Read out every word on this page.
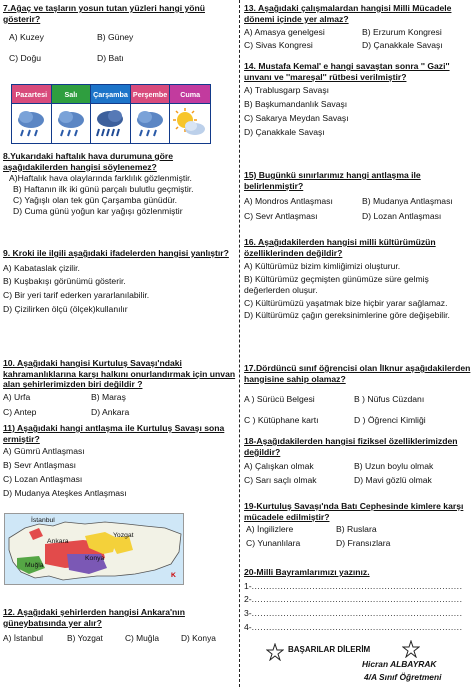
7.Ağaç ve taşların yosun tutan yüzleri hangi yönü gösterir?
A) Kuzey	B) Güney
C) Doğu	D) Batı
Pazartesi	Salı	Çarşamba Perşembe	Cuma
8.Yukarıdaki haftalık hava durumuna göre aşağıdakilerden hangisi söylenemez?
A)Haftalık hava olaylarında farklılık gözlenmiştir.
B) Haftanın ilk iki günü parçalı bulutlu geçmiştir.
C) Yağışlı olan tek gün Çarşamba günüdür.
D) Cuma günü yoğun kar yağışı gözlenmiştir
9. Kroki ile ilgili aşağıdaki ifadelerden hangisi yanlıştır?
A) Kabataslak çizilir.
B) Kuşbakışı görünümü gösterir.
C) Bir yeri tarif ederken yararlanılabilir.
D) Çizilirken ölçü (ölçek)kullanılır
10. Aşağıdaki hangisi Kurtuluş Savaşı'ndaki kahramanlıklarına karşı halkını onurlandırmak için unvan alan şehirlerimizden biri değildir ?
A) Urfa	B) Maraş
C) Antep	D) Ankara
11) Aşağıdaki hangi antlaşma ile Kurtuluş Savaşı sona ermiştir?
A) Gümrü Antlaşması
B) Sevr Antlaşması
C) Lozan Antlaşması
D) Mudanya Ateşkes Antlaşması
İstanbul
Ankara
Yozgat
Muğla
Konya
K
12. Aşağıdaki şehirlerden hangisi Ankara'nın güneybatısında yer alır?
A) İstanbul	B) Yozgat	C) Muğla	D) Konya
13. Aşağıdaki çalışmalardan hangisi Milli Mücadele dönemi içinde yer almaz?
A) Amasya genelgesi	B) Erzurum Kongresi
C) Sivas Kongresi	D) Çanakkale Savaşı
14. Mustafa Kemal' e hangi savaştan sonra '' Gazi'' unvanı ve ''mareşal'' rütbesi verilmiştir?
A) Trablusgarp Savaşı
B) Başkumandanlık Savaşı
C) Sakarya Meydan Savaşı
D) Çanakkale Savaşı
15) Bugünkü sınırlarımız hangi antlaşma ile belirlenmiştir?
A) Mondros Antlaşması	B) Mudanya Antlaşması
C) Sevr Antlaşması	D) Lozan Antlaşması
16. Aşağıdakilerden hangisi milli kültürümüzün özelliklerinden değildir?
A) Kültürümüz bizim kimliğimizi oluşturur.
B) Kültürümüz geçmişten günümüze süre gelmiş değerlerden oluşur.
C) Kültürümüzü yaşatmak bize hiçbir yarar sağlamaz.
D) Kültürümüz çağın gereksinimlerine göre değişebilir.
17.Dördüncü sınıf öğrencisi olan İlknur aşağıdakilerden hangisine sahip olamaz?
A ) Sürücü Belgesi	B ) Nüfus Cüzdanı
C ) Kütüphane kartı	D ) Öğrenci Kimliği
18-Aşağıdakilerden hangisi fiziksel özelliklerimizden değildir?
A) Çalışkan olmak	B) Uzun boylu olmak
C) Sarı saçlı olmak	D) Mavi gözlü olmak
19-Kurtuluş Savaşı'nda Batı Cephesinde kimlere karşı mücadele edilmiştir?
A) İngilizlere	B) Ruslara
C) Yunanlılara	D) Fransızlara
20-Milli Bayramlarımızı yazınız.
1-.........................................................................
2-.........................................................................
3-.........................................................................
4-.........................................................................
BAŞARILAR DİLERİM
Hicran ALBAYRAK
4/A Sınıf Öğretmeni
